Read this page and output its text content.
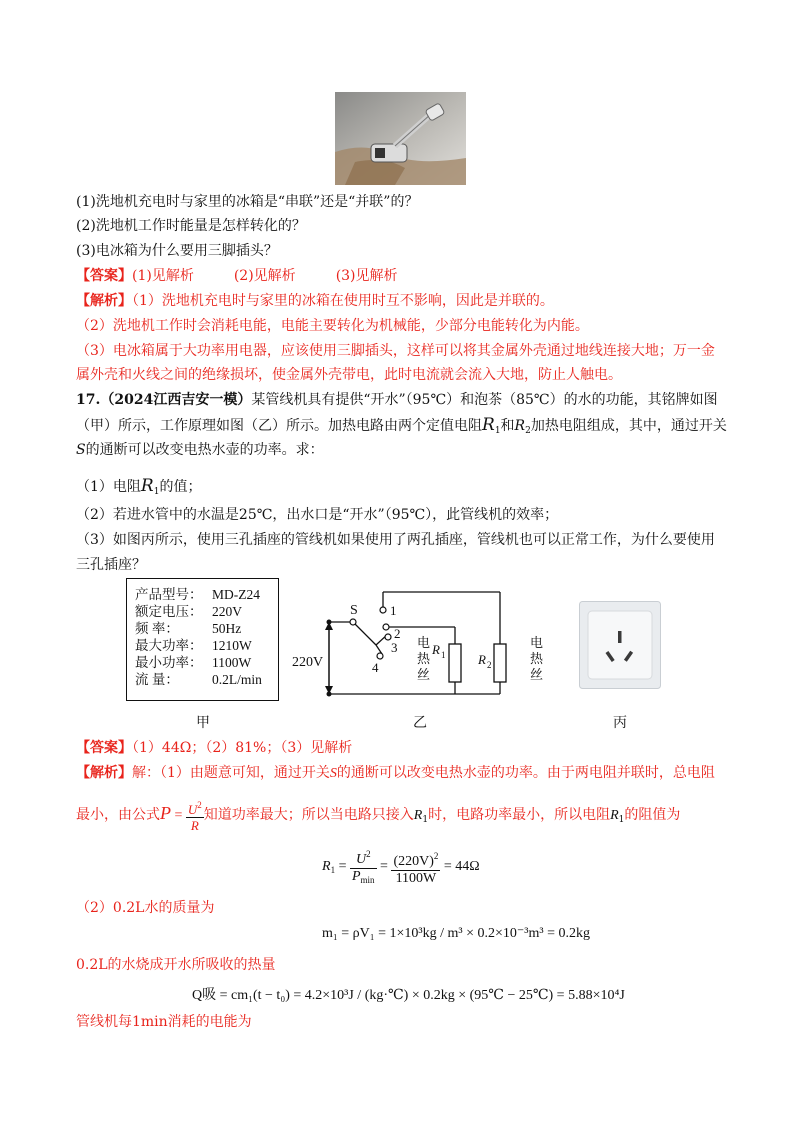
(1)洗地机充电时与家里的冰箱是“串联”还是“并联”的？
(2)洗地机工作时能量是怎样转化的？
(3)电冰箱为什么要用三脚插头？
【答案】(1)见解析	(2)见解析	(3)见解析
【解析】（1）洗地机充电时与家里的冰箱在使用时互不影响，因此是并联的。
（2）洗地机工作时会消耗电能，电能主要转化为机械能，少部分电能转化为内能。
（3）电冰箱属于大功率用电器，应该使用三脚插头，这样可以将其金属外壳通过地线连接大地；万一金
属外壳和火线之间的绝缘损坏，使金属外壳带电，此时电流就会流入大地，防止人触电。
17.（2024江西吉安一模）某管线机具有提供“开水”（95℃）和泡茶（85℃）的水的功能，其铭牌如图
（甲）所示，工作原理如图（乙）所示。加热电路由两个定值电阻$R_1$和$R_2$加热电阻组成，其中，通过开关
S的通断可以改变电热水壶的功率。求：
（1）电阻$R_1$的值；
（2）若进水管中的水温是25℃，出水口是“开水”（95℃），此管线机的效率；
（3）如图丙所示，使用三孔插座的管线机如果使用了两孔插座，管线机也可以正常工作，为什么要使用
三孔插座？
产品型号： MD-Z24
额定电压： 220V
频 率：	50Hz
最大功率： 1210W
最小功率： 1100W
流 量：	0.2L/min
220V
S 1
2
3
4
R 1	R 2
电热丝
电热丝
甲	乙	丙
【答案】（1）44Ω；（2）81%；（3）见解析
【解析】解：（1）由题意可知，通过开关S的通断可以改变电热水壶的功率。由于两电阻并联时，总电阻
最小，由公式$P = \frac{U^2}{R}$ 知道功率最大；所以当电路只接入$R_1$时，电路功率最小，所以电阻$R_1$的阻值为
$R_1 = \frac{U^2}{P_{min}} = \frac{(220V)^2}{1100W} = 44\Omega$
（2）0.2L水的质量为
m₁ = ρV₁ = 1×10³kg / m³ × 0.2×10⁻³m³ = 0.2kg
0.2L的水烧成开水所吸收的热量
Q吸 = cm₁(t − t₀) = 4.2×10³J / (kg·℃) × 0.2kg × (95℃ − 25℃) = 5.88×10⁴J
管线机每1min消耗的电能为
